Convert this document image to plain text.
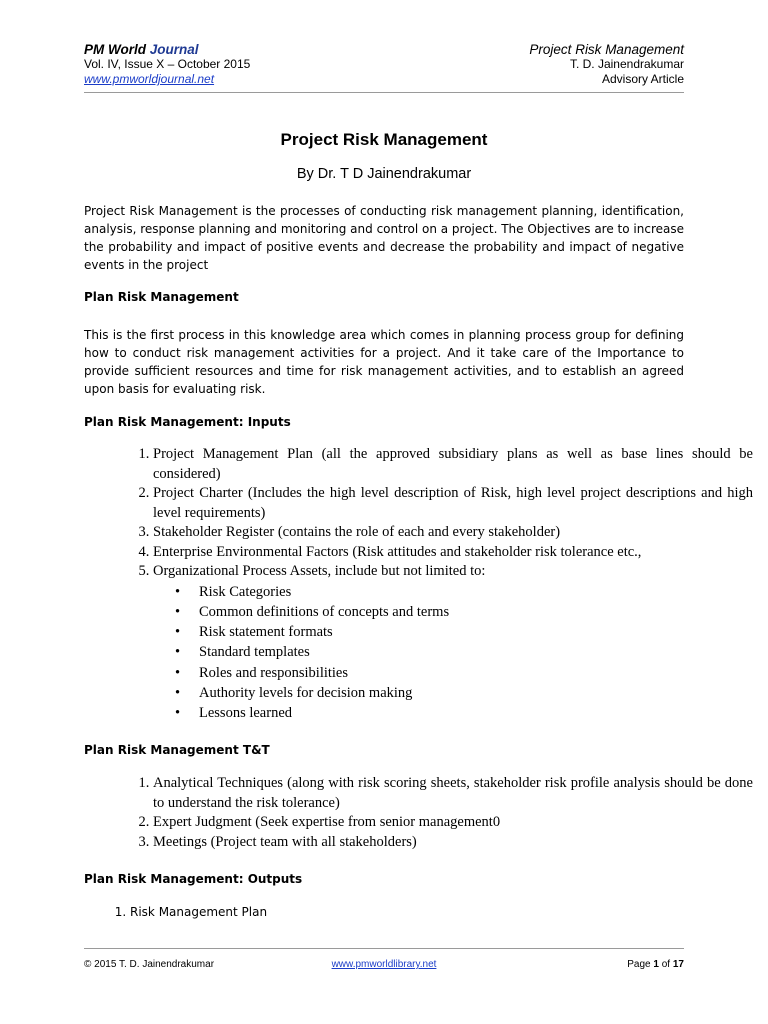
PM World Journal
Vol. IV, Issue X – October 2015
www.pmworldjournal.net
Project Risk Management
T. D. Jainendrakumar
Advisory Article
Project Risk Management
By Dr. T D Jainendrakumar
Project Risk Management is the processes of conducting risk management planning, identification, analysis, response planning and monitoring and control on a project. The Objectives are to increase the probability and impact of positive events and decrease the probability and impact of negative events in the project
Plan Risk Management
This is the first process in this knowledge area which comes in planning process group for defining how to conduct risk management activities for a project. And it take care of the Importance to provide sufficient resources and time for risk management activities, and to establish an agreed upon basis for evaluating risk.
Plan Risk Management: Inputs
1. Project Management Plan (all the approved subsidiary plans as well as base lines should be considered)
2. Project Charter (Includes the high level description of Risk, high level project descriptions and high level requirements)
3. Stakeholder Register (contains the role of each and every stakeholder)
4. Enterprise Environmental Factors (Risk attitudes and stakeholder risk tolerance etc.,
5. Organizational Process Assets, include but not limited to:
• Risk Categories
• Common definitions of concepts and terms
• Risk statement formats
• Standard templates
• Roles and responsibilities
• Authority levels for decision making
• Lessons learned
Plan Risk Management T&T
1. Analytical Techniques (along with risk scoring sheets, stakeholder risk profile analysis should be done to understand the risk tolerance)
2. Expert Judgment (Seek expertise from senior management0
3. Meetings (Project team with all stakeholders)
Plan Risk Management: Outputs
1. Risk Management Plan
© 2015 T. D. Jainendrakumar	www.pmworldlibrary.net	Page 1 of 17
